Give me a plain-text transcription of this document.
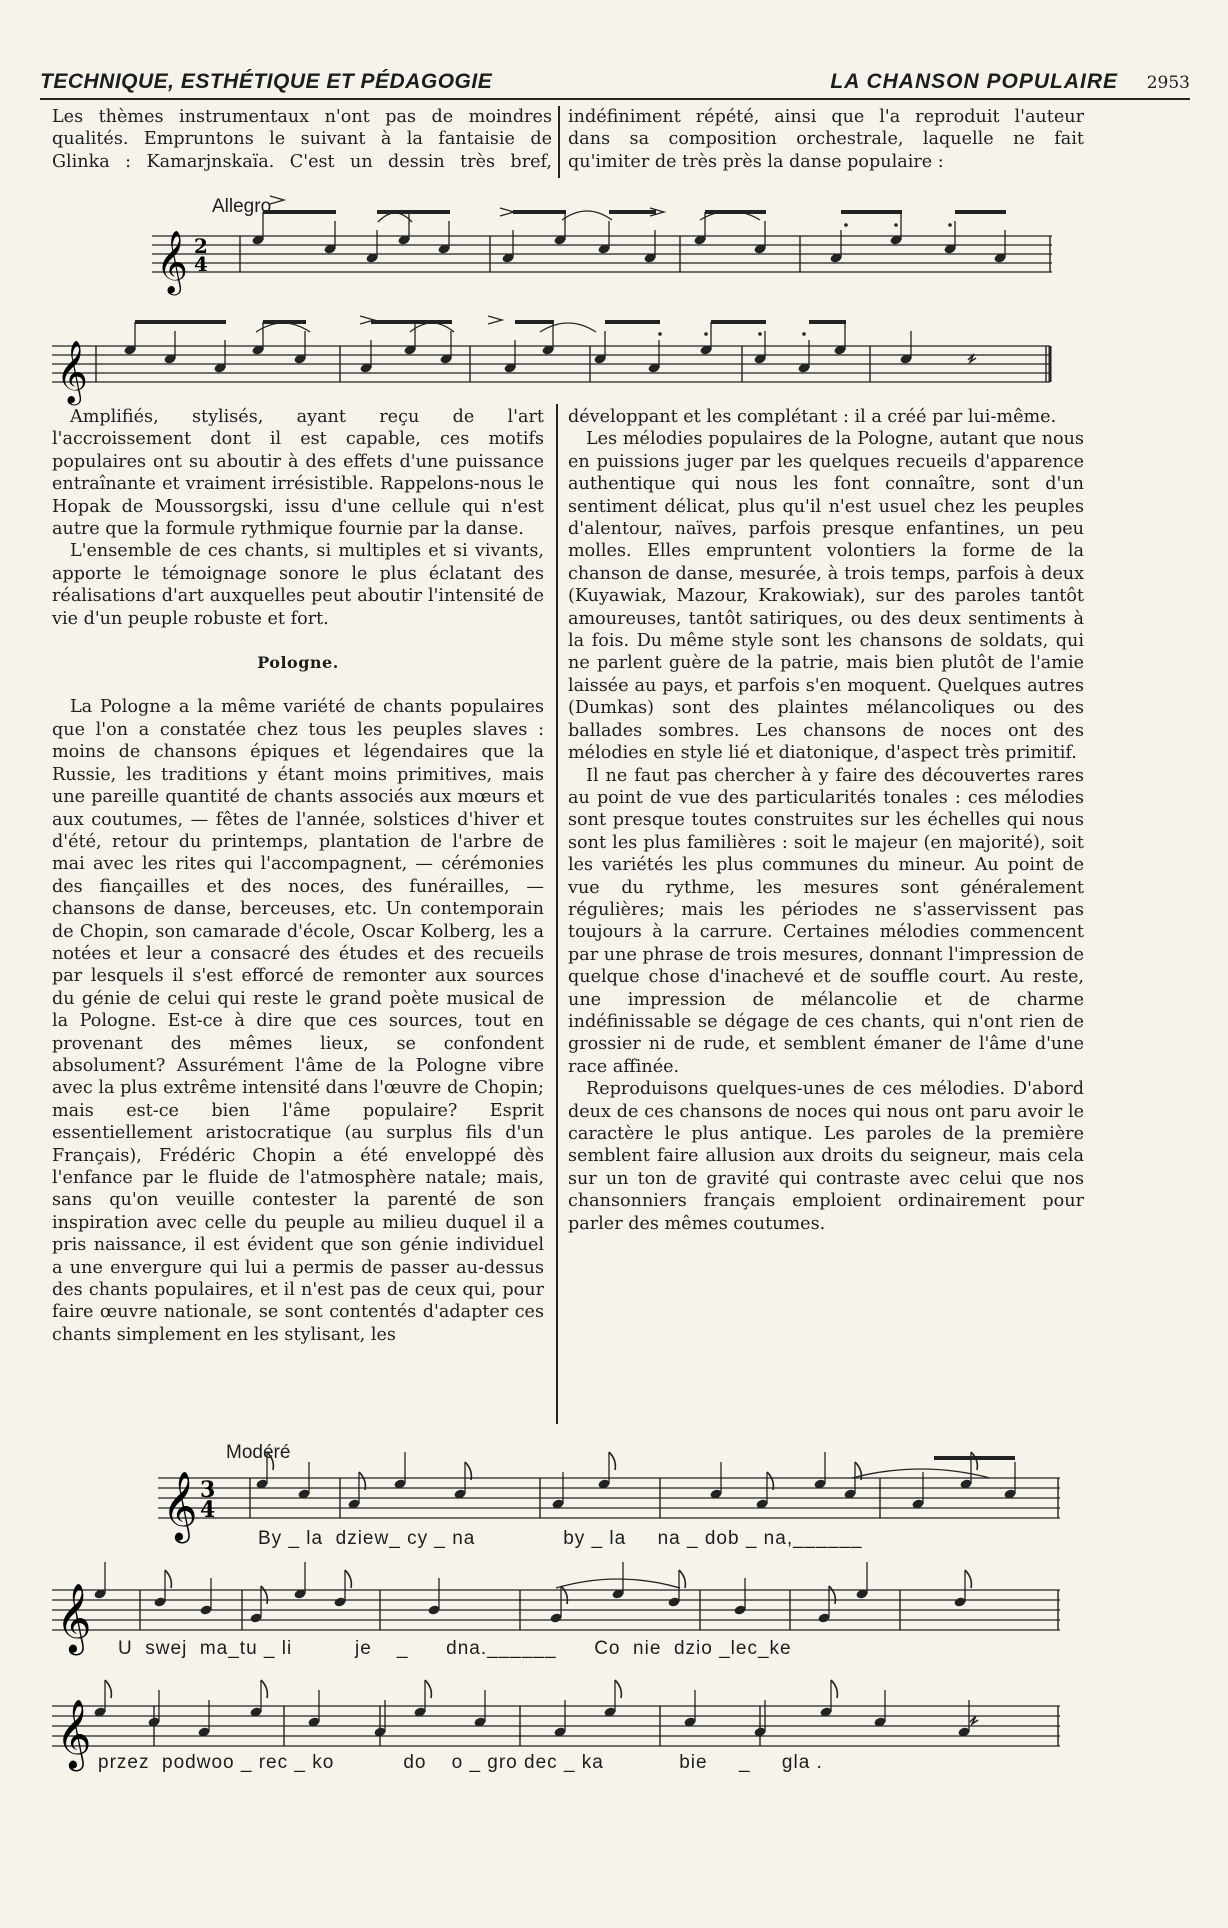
TECHNIQUE, ESTHÉTIQUE ET PÉDAGOGIE	LA CHANSON POPULAIRE 2953
Les thèmes instrumentaux n'ont pas de moindres
qualités. Empruntons le suivant à la fantaisie de
Glinka : Kamarjnskaïa. C'est un dessin très bref,
indéfiniment répété, ainsi que l'a reproduit l'auteur
dans sa composition orchestrale, laquelle ne fait
qu'imiter de très près la danse populaire :
Allegro
𝄞 2
4
𝄞

Amplifiés, stylisés, ayant reçu de l'art l'accroissement dont il est capable, ces motifs populaires ont su aboutir à des effets d'une puissance entraînante et vraiment irrésistible. Rappelons-nous le Hopak de Moussorgski, issu d'une cellule qui n'est autre que la formule rythmique fournie par la danse.

L'ensemble de ces chants, si multiples et si vivants, apporte le témoignage sonore le plus éclatant des réalisations d'art auxquelles peut aboutir l'intensité de vie d'un peuple robuste et fort.

Pologne.

La Pologne a la même variété de chants populaires que l'on a constatée chez tous les peuples slaves : moins de chansons épiques et légendaires que la Russie, les traditions y étant moins primitives, mais une pareille quantité de chants associés aux mœurs et aux coutumes, — fêtes de l'année, solstices d'hiver et d'été, retour du printemps, plantation de l'arbre de mai avec les rites qui l'accompagnent, — cérémonies des fiançailles et des noces, des funérailles, — chansons de danse, berceuses, etc. Un contemporain de Chopin, son camarade d'école, Oscar Kolberg, les a notées et leur a consacré des études et des recueils par lesquels il s'est efforcé de remonter aux sources du génie de celui qui reste le grand poète musical de la Pologne. Est-ce à dire que ces sources, tout en provenant des mêmes lieux, se confondent absolument? Assurément l'âme de la Pologne vibre avec la plus extrême intensité dans l'œuvre de Chopin; mais est-ce bien l'âme populaire? Esprit essentiellement aristocratique (au surplus fils d'un Français), Frédéric Chopin a été enveloppé dès l'enfance par le fluide de l'atmosphère natale; mais, sans qu'on veuille contester la parenté de son inspiration avec celle du peuple au milieu duquel il a pris naissance, il est évident que son génie individuel a une envergure qui lui a permis de passer au-dessus des chants populaires, et il n'est pas de ceux qui, pour faire œuvre nationale, se sont contentés d'adapter ces chants simplement en les stylisant, les

développant et les complétant : il a créé par lui-même.

Les mélodies populaires de la Pologne, autant que nous en puissions juger par les quelques recueils d'apparence authentique qui nous les font connaître, sont d'un sentiment délicat, plus qu'il n'est usuel chez les peuples d'alentour, naïves, parfois presque enfantines, un peu molles. Elles empruntent volontiers la forme de la chanson de danse, mesurée, à trois temps, parfois à deux (Kuyawiak, Mazour, Krakowiak), sur des paroles tantôt amoureuses, tantôt satiriques, ou des deux sentiments à la fois. Du même style sont les chansons de soldats, qui ne parlent guère de la patrie, mais bien plutôt de l'amie laissée au pays, et parfois s'en moquent. Quelques autres (Dumkas) sont des plaintes mélancoliques ou des ballades sombres. Les chansons de noces ont des mélodies en style lié et diatonique, d'aspect très primitif.

Il ne faut pas chercher à y faire des découvertes rares au point de vue des particularités tonales : ces mélodies sont presque toutes construites sur les échelles qui nous sont les plus familières : soit le majeur (en majorité), soit les variétés les plus communes du mineur. Au point de vue du rythme, les mesures sont généralement régulières; mais les périodes ne s'asservissent pas toujours à la carrure. Certaines mélodies commencent par une phrase de trois mesures, donnant l'impression de quelque chose d'inachevé et de souffle court. Au reste, une impression de mélancolie et de charme indéfinissable se dégage de ces chants, qui n'ont rien de grossier ni de rude, et semblent émaner de l'âme d'une race affinée.

Reproduisons quelques-unes de ces mélodies. D'abord deux de ces chansons de noces qui nous ont paru avoir le caractère le plus antique. Les paroles de la première semblent faire allusion aux droits du seigneur, mais cela sur un ton de gravité qui contraste avec celui que nos chansonniers français emploient ordinairement pour parler des mêmes coutumes.

Modéré
𝄞 3
4
𝄞
𝄞
By _ la  dziew_ cy _ na              by _ la     na _ dob _ na,______
U  swej  ma_tu _ li          je    _      dna.______      Co  nie  dzio _lec_ke
przez  podwoo _ rec _ ko           do    o _ gro dec _ ka            bie     _     gla .
